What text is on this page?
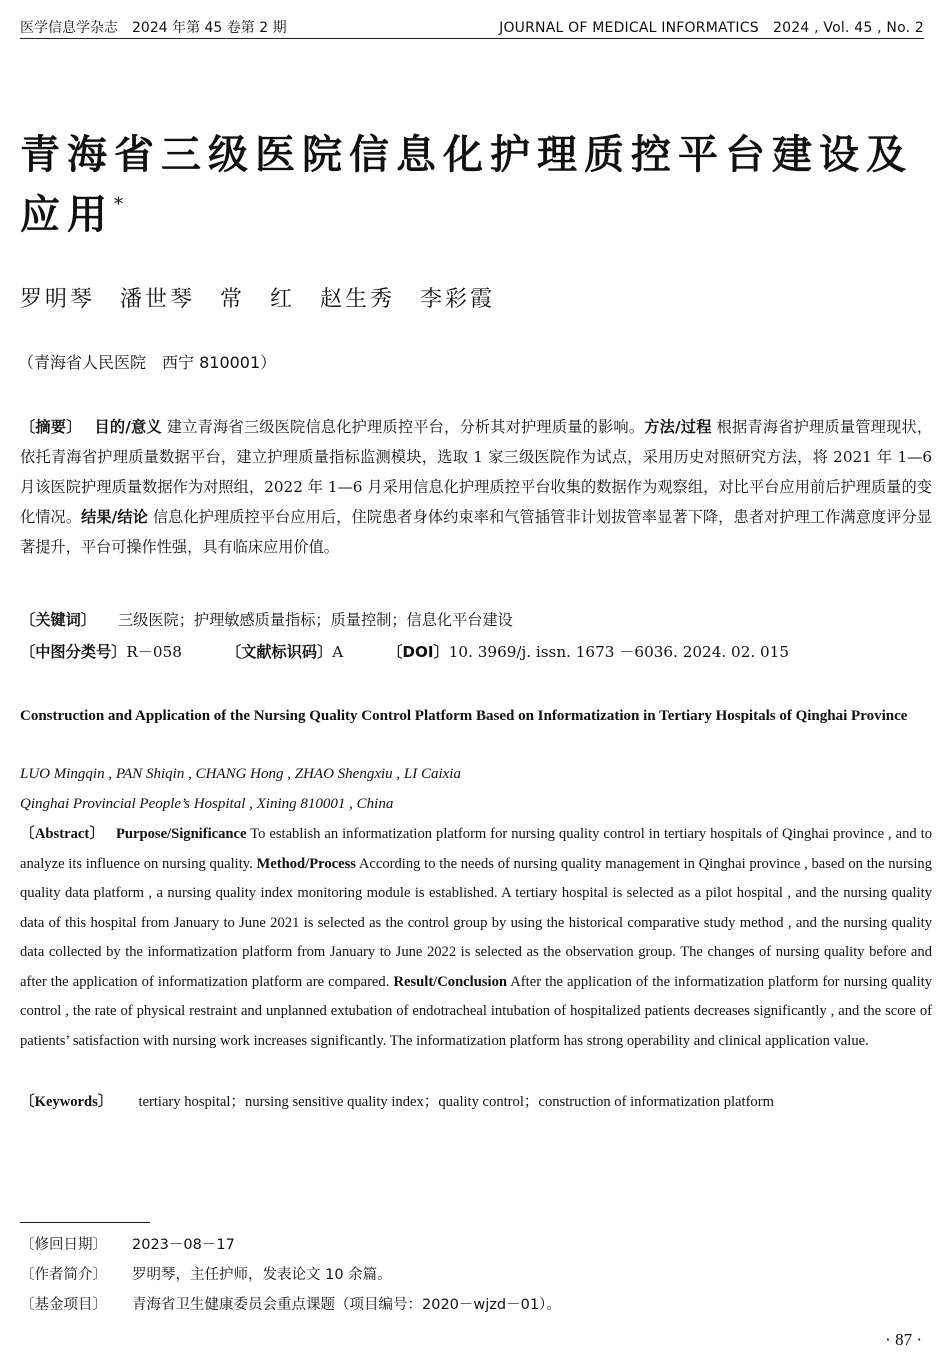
医学信息学杂志　2024 年第 45 卷第 2 期	JOURNAL OF MEDICAL INFORMATICS　2024 , Vol. 45 , No. 2
青海省三级医院信息化护理质控平台建设及应用*
罗明琴　潘世琴　常　红　赵生秀　李彩霞
（青海省人民医院　西宁 810001）

〔摘要〕　 目的/意义 建立青海省三级医院信息化护理质控平台，分析其对护理质量的影响。方法/过程 根据青海省护理质量管理现状，依托青海省护理质量数据平台，建立护理质量指标监测模块，选取 1 家三级医院作为试点，采用历史对照研究方法，将 2021 年 1—6 月该医院护理质量数据作为对照组，2022 年 1—6 月采用信息化护理质控平台收集的数据作为观察组，对比平台应用前后护理质量的变化情况。结果/结论 信息化护理质控平台应用后，住院患者身体约束率和气管插管非计划拔管率显著下降，患者对护理工作满意度评分显著提升，平台可操作性强，具有临床应用价值。

〔关键词〕 三级医院；护理敏感质量指标；质量控制；信息化平台建设
〔中图分类号〕R－058	〔文献标识码〕A	〔DOI〕10. 3969/j. issn. 1673 －6036. 2024. 02. 015

Construction and Application of the Nursing Quality Control Platform Based on Informatization in Tertiary Hospitals of Qinghai Province

LUO Mingqin , PAN Shiqin , CHANG Hong , ZHAO Shengxiu , LI Caixia
Qinghai Provincial People’s Hospital , Xining 810001 , China

〔Abstract〕　 Purpose/Significance To establish an informatization platform for nursing quality control in tertiary hospitals of Qinghai province , and to analyze its influence on nursing quality. Method/Process According to the needs of nursing quality management in Qinghai province , based on the nursing quality data platform , a nursing quality index monitoring module is established. A tertiary hospital is selected as a pilot hospital , and the nursing quality data of this hospital from January to June 2021 is selected as the control group by using the historical comparative study method , and the nursing quality data collected by the informatization platform from January to June 2022 is selected as the observation group. The changes of nursing quality before and after the application of informatization platform are compared. Result/Conclusion After the application of the informatization platform for nursing quality control , the rate of physical restraint and unplanned extubation of endotracheal intubation of hospitalized patients decreases significantly , and the score of patients’ satisfaction with nursing work increases significantly. The informatization platform has strong operability and clinical application value.

〔Keywords〕 tertiary hospital；nursing sensitive quality index；quality control；construction of informatization platform
〔修回日期〕 2023－08－17
〔作者简介〕 罗明琴，主任护师，发表论文 10 余篇。
〔基金项目〕 青海省卫生健康委员会重点课题（项目编号：2020－wjzd－01）。
· 87 ·
